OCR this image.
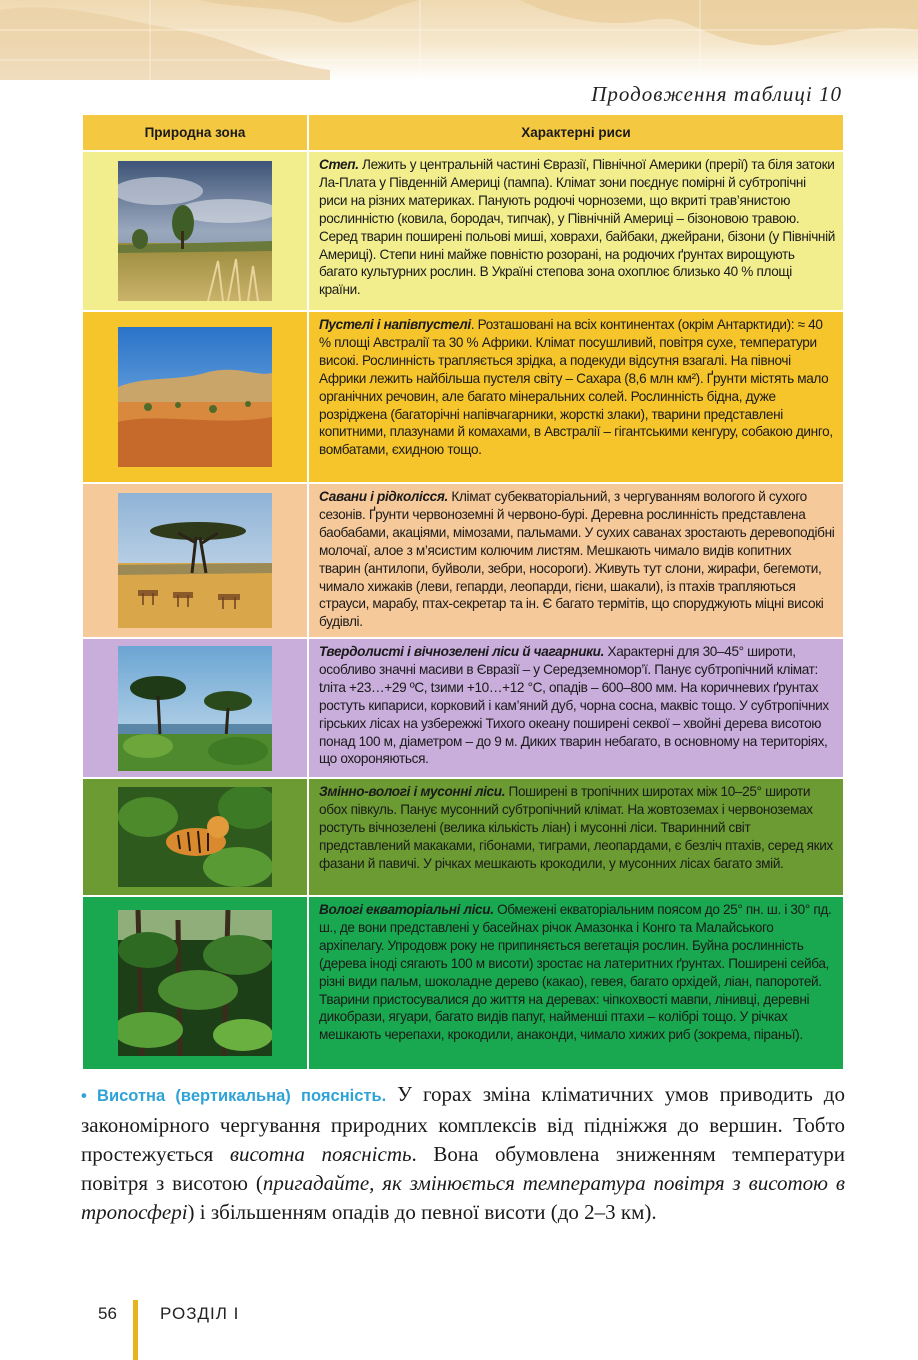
Продовження таблиці 10
Природна зона	Характерні риси

	Степ. Лежить у центральній частині Євразії, Північної Америки (прерії) та біля затоки Ла-Плата у Південній Америці (пампа). Клімат зони поєднує помірні й субтропічні риси на різних материках. Панують родючі чорноземи, що вкриті трав’янистою рослинністю (ковила, бородач, типчак), у Північній Америці – бізоновою травою. Серед тварин поширені польові миші, ховрахи, байбаки, джейрани, бізони (у Північній Америці). Степи нині майже повністю розорані, на родючих ґрунтах вирощують багато культурних рослин. В Україні степова зона охоплює близько 40 % площі країни.

	Пустелі і напівпустелі. Розташовані на всіх континентах (окрім Антарктиди): ≈ 40 % площі Австралії та 30 % Африки. Клімат посушливий, повітря сухе, температури високі. Рослинність трапляється зрідка, а подекуди відсутня взагалі. На півночі Африки лежить найбільша пустеля світу – Сахара (8,6 млн км²). Ґрунти містять мало органічних речовин, але багато мінеральних солей. Рослинність бідна, дуже розріджена (багаторічні напівчагарники, жорсткі злаки), тварини представлені копитними, плазунами й комахами, в Австралії – гігантськими кенгуру, собакою динго, вомбатами, єхидною тощо.

	Савани і рідколісся. Клімат субекваторіальний, з чергуванням вологого й сухого сезонів. Ґрунти червоноземні й червоно-бурі. Деревна рослинність представлена баобабами, акаціями, мімозами, пальмами. У сухих саванах зростають деревоподібні молочаї, алое з м’ясистим колючим листям. Мешкають чимало видів копитних тварин (антилопи, буйволи, зебри, носороги). Живуть тут слони, жирафи, бегемоти, чимало хижаків (леви, гепарди, леопарди, гієни, шакали), із птахів трапляються страуси, марабу, птах-секретар та ін. Є багато термітів, що споруджують міцні високі будівлі.

	Твердолисті і вічнозелені ліси й чагарники. Характерні для 30–45° широти, особливо значні масиви в Євразії – у Середземномор’ї. Панує субтропічний клімат: tліта +23…+29 ºС, tзими +10…+12 °С, опадів – 600–800 мм. На коричневих ґрунтах ростуть кипариси, корковий і кам’яний дуб, чорна сосна, маквіс тощо. У субтропічних гірських лісах на узбережжі Тихого океану поширені секвої – хвойні дерева висотою понад 100 м, діаметром – до 9 м. Диких тварин небагато, в основному на територіях, що охороняються.

	Змінно-вологі і мусонні ліси. Поширені в тропічних широтах між 10–25° широти обох півкуль. Панує мусонний субтропічний клімат. На жовтоземах і червоноземах ростуть вічнозелені (велика кількість ліан) і мусонні ліси. Тваринний світ представлений макаками, гібонами, тиграми, леопардами, є безліч птахів, серед яких фазани й павичі. У річках мешкають крокодили, у мусонних лісах багато змій.

	Вологі екваторіальні ліси. Обмежені екваторіальним поясом до 25° пн. ш. і 30° пд. ш., де вони представлені у басейнах річок Амазонка і Конго та Малайського архіпелагу. Упродовж року не припиняється вегетація рослин. Буйна рослинність (дерева іноді сягають 100 м висоти) зростає на латеритних ґрунтах. Поширені сейба, різні види пальм, шоколадне дерево (какао), гевея, багато орхідей, ліан, папоротей. Тварини пристосувалися до життя на деревах: чіпкохвості мавпи, лінивці, деревні дикобрази, ягуари, багато видів папуг, найменші птахи – колібрі тощо. У річках мешкають черепахи, крокодили, анаконди, чимало хижих риб (зокрема, піраньї).
• Висотна (вертикальна) поясність. У горах зміна кліматичних умов приводить до закономірного чергування природних комплексів від підніжжя до вершин. Тобто простежується висотна поясність. Вона обумовлена зниженням температури повітря з висотою (пригадайте, як змінюється температура повітря з висотою в тропосфері) і збільшенням опадів до певної висоти (до 2–3 км).
56	РОЗДІЛ I
